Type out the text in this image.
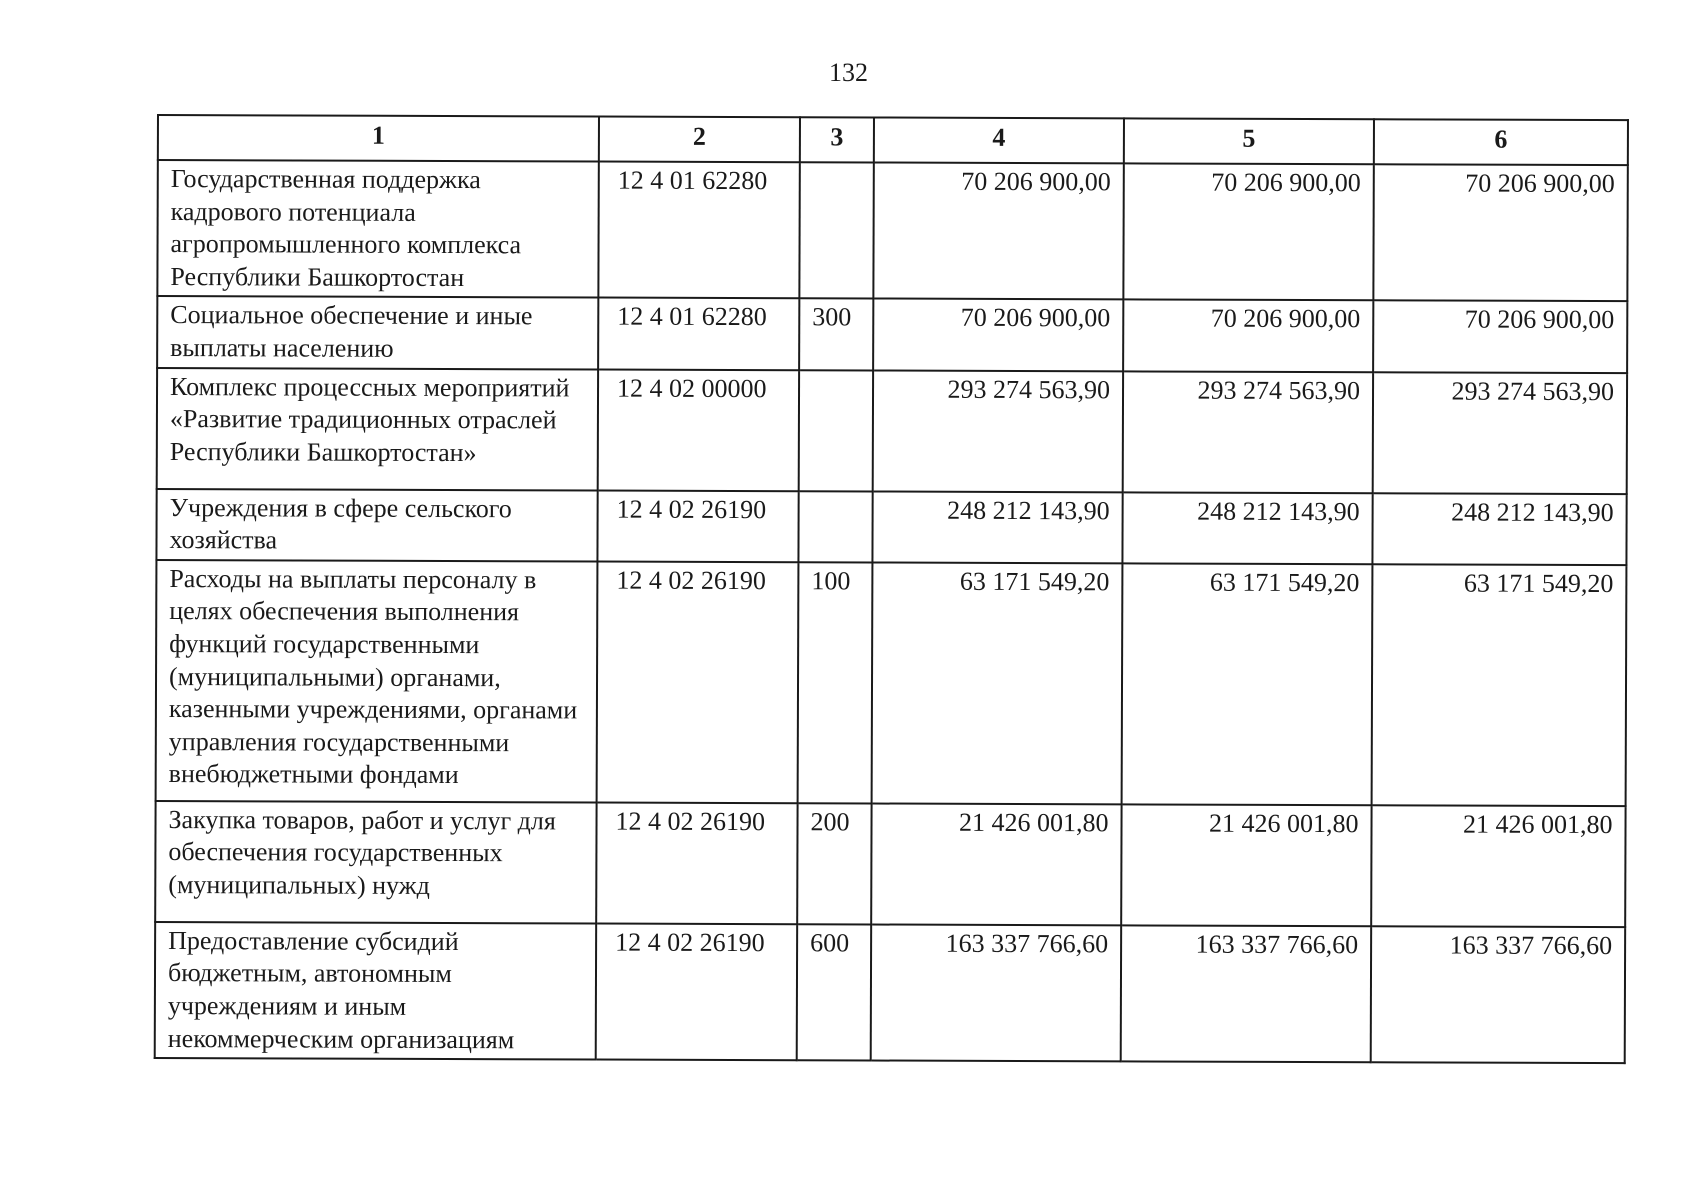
132
1	2	3	4	5	6
Государственная поддержка кадрового потенциала агропромышленного комплекса Республики Башкортостан	12 4 01 62280		70 206 900,00	70 206 900,00	70 206 900,00
Социальное обеспечение и иные выплаты населению	12 4 01 62280	300	70 206 900,00	70 206 900,00	70 206 900,00
Комплекс процессных мероприятий «Развитие традиционных отраслей Республики Башкортостан»	12 4 02 00000		293 274 563,90	293 274 563,90	293 274 563,90
Учреждения в сфере сельского хозяйства	12 4 02 26190		248 212 143,90	248 212 143,90	248 212 143,90
Расходы на выплаты персоналу в целях обеспечения выполнения функций государственными (муниципальными) органами, казенными учреждениями, органами управления государственными внебюджетными фондами	12 4 02 26190	100	63 171 549,20	63 171 549,20	63 171 549,20
Закупка товаров, работ и услуг для обеспечения государственных (муниципальных) нужд	12 4 02 26190	200	21 426 001,80	21 426 001,80	21 426 001,80
Предоставление субсидий бюджетным, автономным учреждениям и иным некоммерческим организациям	12 4 02 26190	600	163 337 766,60	163 337 766,60	163 337 766,60
